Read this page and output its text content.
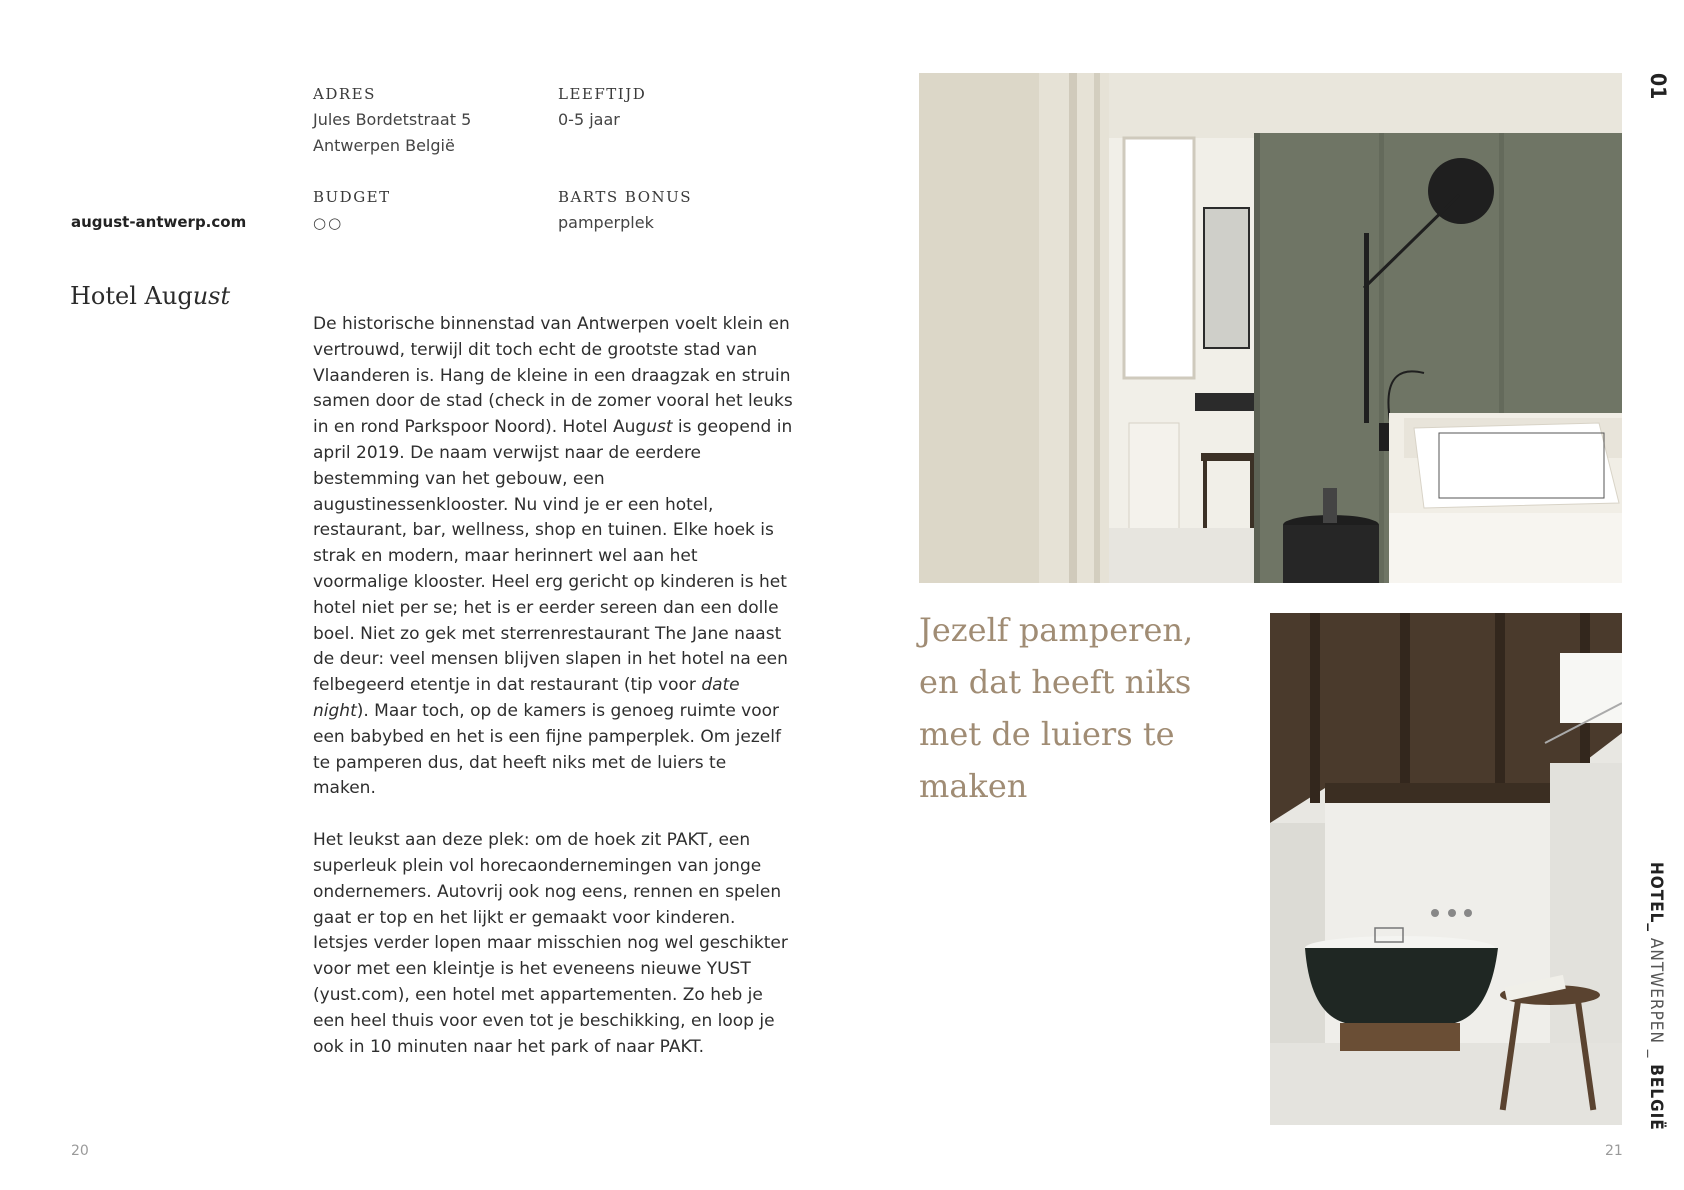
ADRES
Jules Bordetstraat 5
Antwerpen België
LEEFTIJD
0-5 jaar
BUDGET
○○
BARTS BONUS
pamperplek
august-antwerp.com
Hotel August

De historische binnenstad van Antwerpen voelt klein en vertrouwd, terwijl dit toch echt de grootste stad van Vlaanderen is. Hang de kleine in een draagzak en struin samen door de stad (check in de zomer vooral het leuks in en rond Parkspoor Noord). Hotel August is geopend in april 2019. De naam verwijst naar de eerdere bestemming van het gebouw, een augustinessenklooster. Nu vind je er een hotel, restaurant, bar, wellness, shop en tuinen. Elke hoek is strak en modern, maar herinnert wel aan het voormalige klooster. Heel erg gericht op kinderen is het hotel niet per se; het is er eerder sereen dan een dolle boel. Niet zo gek met sterrenrestaurant The Jane naast de deur: veel mensen blijven slapen in het hotel na een felbegeerd etentje in dat restaurant (tip voor date night). Maar toch, op de kamers is genoeg ruimte voor een babybed en het is een fijne pamperplek. Om jezelf te pamperen dus, dat heeft niks met de luiers te maken.

Het leukst aan deze plek: om de hoek zit PAKT, een superleuk plein vol horecaondernemingen van jonge ondernemers. Autovrij ook nog eens, rennen en spelen gaat er top en het lijkt er gemaakt voor kinderen. Ietsjes verder lopen maar misschien nog wel geschikter voor met een kleintje is het eveneens nieuwe YUST (yust.com), een hotel met appartementen. Zo heb je een heel thuis voor even tot je beschikking, en loop je ook in 10 minuten naar het park of naar PAKT.

20
Jezelf pamperen, en dat heeft niks met de luiers te maken
01
HOTEL_ ANTWERPEN _ BELGIË
21
